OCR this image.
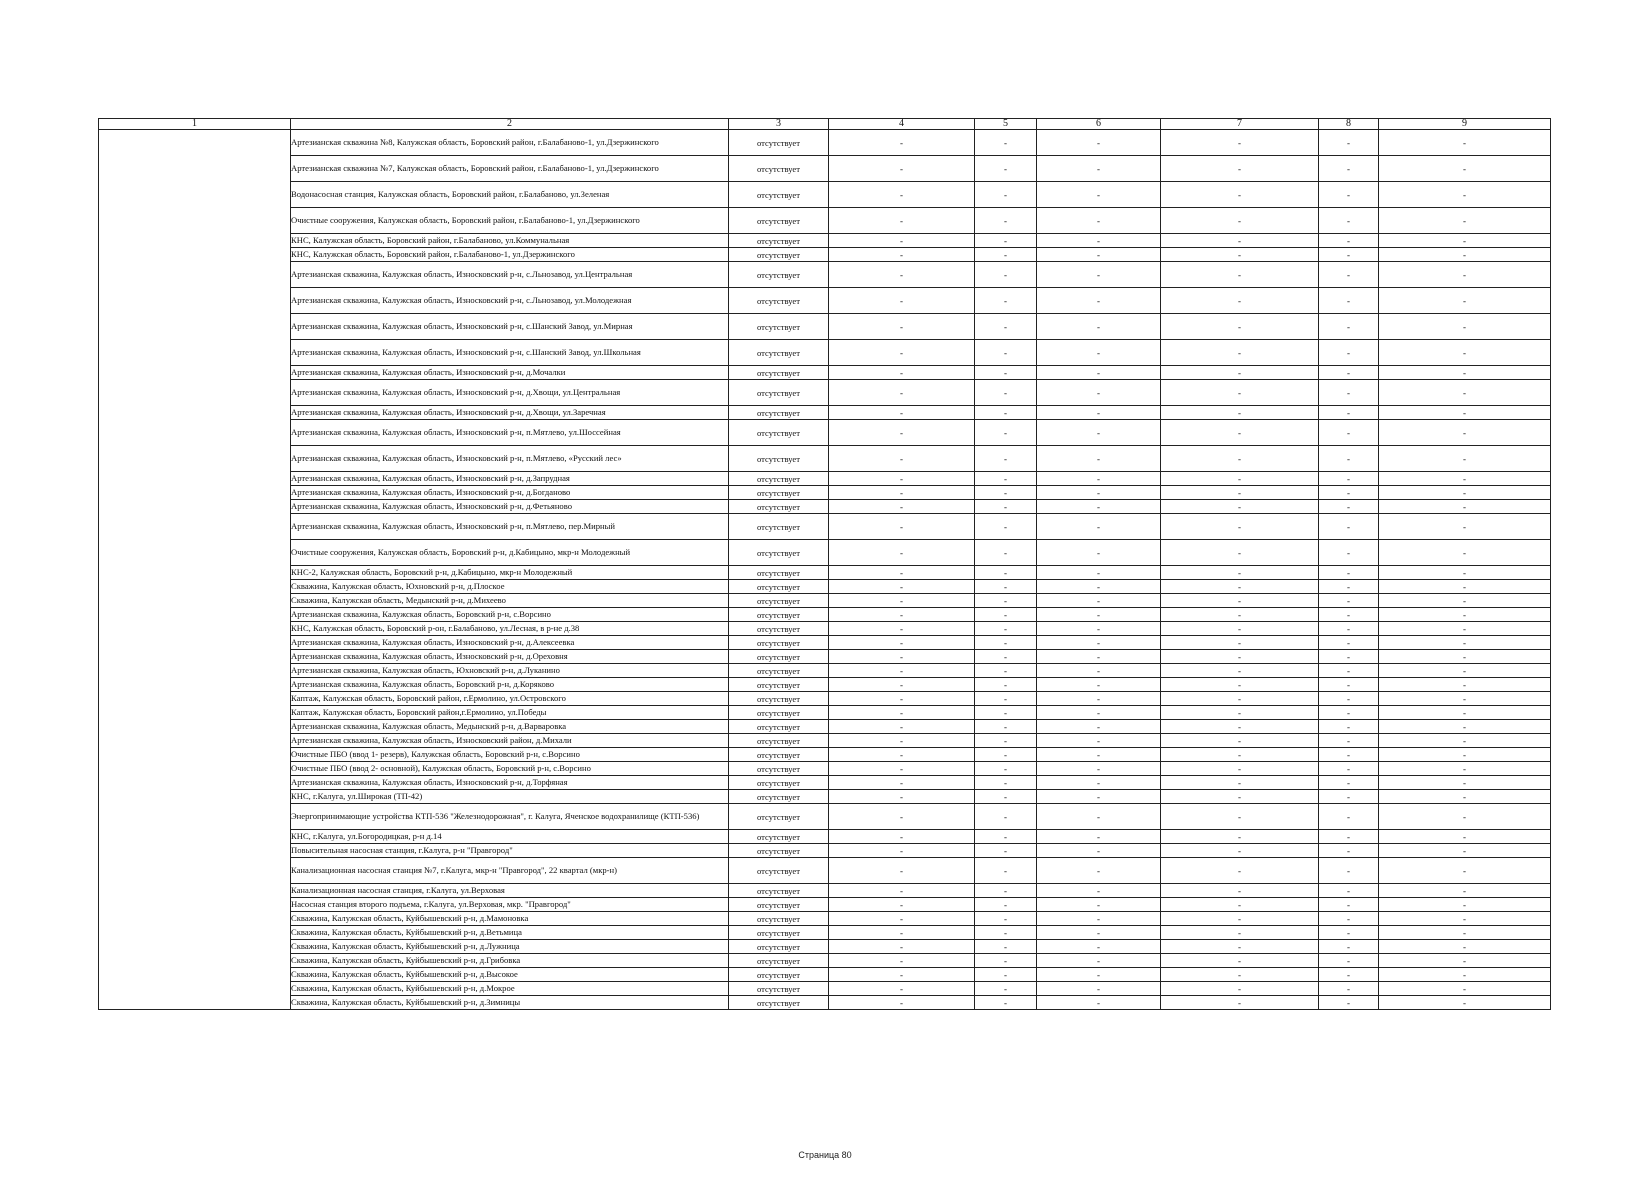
1	2	3	4	5	6	7	8	9
	Артезианская скважина №8, Калужская область, Боровский район, г.Балабаново-1, ул.Дзержинского	отсутствует	-	-	-	-	-	-
	Артезианская скважина №7, Калужская область, Боровский район, г.Балабаново-1, ул.Дзержинского	отсутствует	-	-	-	-	-	-
	Водонасосная станция, Калужская область, Боровский район, г.Балабаново, ул.Зеленая	отсутствует	-	-	-	-	-	-
	Очистные сооружения, Калужская область, Боровский район, г.Балабаново-1, ул.Дзержинского	отсутствует	-	-	-	-	-	-
	КНС, Калужская область, Боровский район, г.Балабаново, ул.Коммунальная	отсутствует	-	-	-	-	-	-
	КНС, Калужская область, Боровский район, г.Балабаново-1, ул.Дзержинского	отсутствует	-	-	-	-	-	-
	Артезианская скважина, Калужская область, Износковский р-н, с.Льнозавод, ул.Центральная	отсутствует	-	-	-	-	-	-
	Артезианская скважина, Калужская область, Износковский р-н, с.Льнозавод, ул.Молодежная	отсутствует	-	-	-	-	-	-
	Артезианская скважина, Калужская область, Износковский р-н, с.Шанский Завод, ул.Мирная	отсутствует	-	-	-	-	-	-
	Артезианская скважина, Калужская область, Износковский р-н, с.Шанский Завод, ул.Школьная	отсутствует	-	-	-	-	-	-
	Артезианская скважина, Калужская область, Износковский р-н, д.Мочалки	отсутствует	-	-	-	-	-	-
	Артезианская скважина, Калужская область, Износковский р-н, д.Хвощи, ул.Центральная	отсутствует	-	-	-	-	-	-
	Артезианская скважина, Калужская область, Износковский р-н, д.Хвощи, ул.Заречная	отсутствует	-	-	-	-	-	-
	Артезианская скважина, Калужская область, Износковский р-н, п.Мятлево, ул.Шоссейная	отсутствует	-	-	-	-	-	-
	Артезианская скважина, Калужская область, Износковский р-н, п.Мятлево, «Русский лес»	отсутствует	-	-	-	-	-	-
	Артезианская скважина, Калужская область, Износковский р-н, д.Запрудная	отсутствует	-	-	-	-	-	-
	Артезианская скважина, Калужская область, Износковский р-н, д.Богданово	отсутствует	-	-	-	-	-	-
	Артезианская скважина, Калужская область, Износковский р-н, д.Фетьяново	отсутствует	-	-	-	-	-	-
	Артезианская скважина, Калужская область, Износковский р-н, п.Мятлево, пер.Мирный	отсутствует	-	-	-	-	-	-
	Очистные сооружения, Калужская область, Боровский р-н, д.Кабицыно, мкр-н Молодежный	отсутствует	-	-	-	-	-	-
	КНС-2, Калужская область, Боровский р-н, д.Кабицыно, мкр-н Молодежный	отсутствует	-	-	-	-	-	-
	Скважина, Калужская область, Юхновский р-н, д.Плоское	отсутствует	-	-	-	-	-	-
	Скважина, Калужская область, Медынский р-н, д.Михеево	отсутствует	-	-	-	-	-	-
	Артезианская скважина, Калужская область, Боровский р-н, с.Ворсино	отсутствует	-	-	-	-	-	-
	КНС, Калужская область, Боровский р-он, г.Балабаново, ул.Лесная, в р-не д.38	отсутствует	-	-	-	-	-	-
	Артезианская скважина, Калужская область, Износковский р-н, д.Алексеевка	отсутствует	-	-	-	-	-	-
	Артезианская скважина, Калужская область, Износковский р-н, д.Ореховня	отсутствует	-	-	-	-	-	-
	Артезианская скважина, Калужская область, Юхновский р-н, д.Луканино	отсутствует	-	-	-	-	-	-
	Артезианская скважина, Калужская область, Боровский р-н, д.Коряково	отсутствует	-	-	-	-	-	-
	Каптаж, Калужская область, Боровский район, г.Ермолино, ул.Островского	отсутствует	-	-	-	-	-	-
	Каптаж, Калужская область, Боровский район,г.Ермолино, ул.Победы	отсутствует	-	-	-	-	-	-
	Артезианская скважина, Калужская область, Медынский р-н, д.Варваровка	отсутствует	-	-	-	-	-	-
	Артезианская скважина, Калужская область, Износковский район, д.Михали	отсутствует	-	-	-	-	-	-
	Очистные ПБО (ввод 1- резерв), Калужская область, Боровский р-н, с.Ворсино	отсутствует	-	-	-	-	-	-
	Очистные ПБО (ввод 2- основной), Калужская область, Боровский р-н, с.Ворсино	отсутствует	-	-	-	-	-	-
	Артезианская скважина, Калужская область, Износковский р-н, д.Торфяная	отсутствует	-	-	-	-	-	-
	КНС, г.Калуга, ул.Широкая (ТП-42)	отсутствует	-	-	-	-	-	-
	Энергопринимающие устройства КТП-536 "Железнодорожная", г. Калуга, Яченское водохранилище (КТП-536)	отсутствует	-	-	-	-	-	-
	КНС, г.Калуга, ул.Богородицкая, р-н д.14	отсутствует	-	-	-	-	-	-
	Повысительная насосная станция, г.Калуга, р-н "Правгород"	отсутствует	-	-	-	-	-	-
	Канализационная насосная станция №7, г.Калуга, мкр-н "Правгород", 22 квартал (мкр-н)	отсутствует	-	-	-	-	-	-
	Канализационная насосная станция, г.Калуга, ул.Верховая	отсутствует	-	-	-	-	-	-
	Насосная станция второго подъема, г.Калуга, ул.Верховая, мкр. "Правгород"	отсутствует	-	-	-	-	-	-
	Скважина, Калужская область, Куйбышевский р-н, д.Мамоновка	отсутствует	-	-	-	-	-	-
	Скважина, Калужская область, Куйбышевский р-н, д.Ветьмица	отсутствует	-	-	-	-	-	-
	Скважина, Калужская область, Куйбышевский р-н, д.Лужница	отсутствует	-	-	-	-	-	-
	Скважина, Калужская область, Куйбышевский р-н, д.Грибовка	отсутствует	-	-	-	-	-	-
	Скважина, Калужская область, Куйбышевский р-н, д.Высокое	отсутствует	-	-	-	-	-	-
	Скважина, Калужская область, Куйбышевский р-н, д.Мокрое	отсутствует	-	-	-	-	-	-
	Скважина, Калужская область, Куйбышевский р-н, д.Зимницы	отсутствует	-	-	-	-	-	-
Страница 80
